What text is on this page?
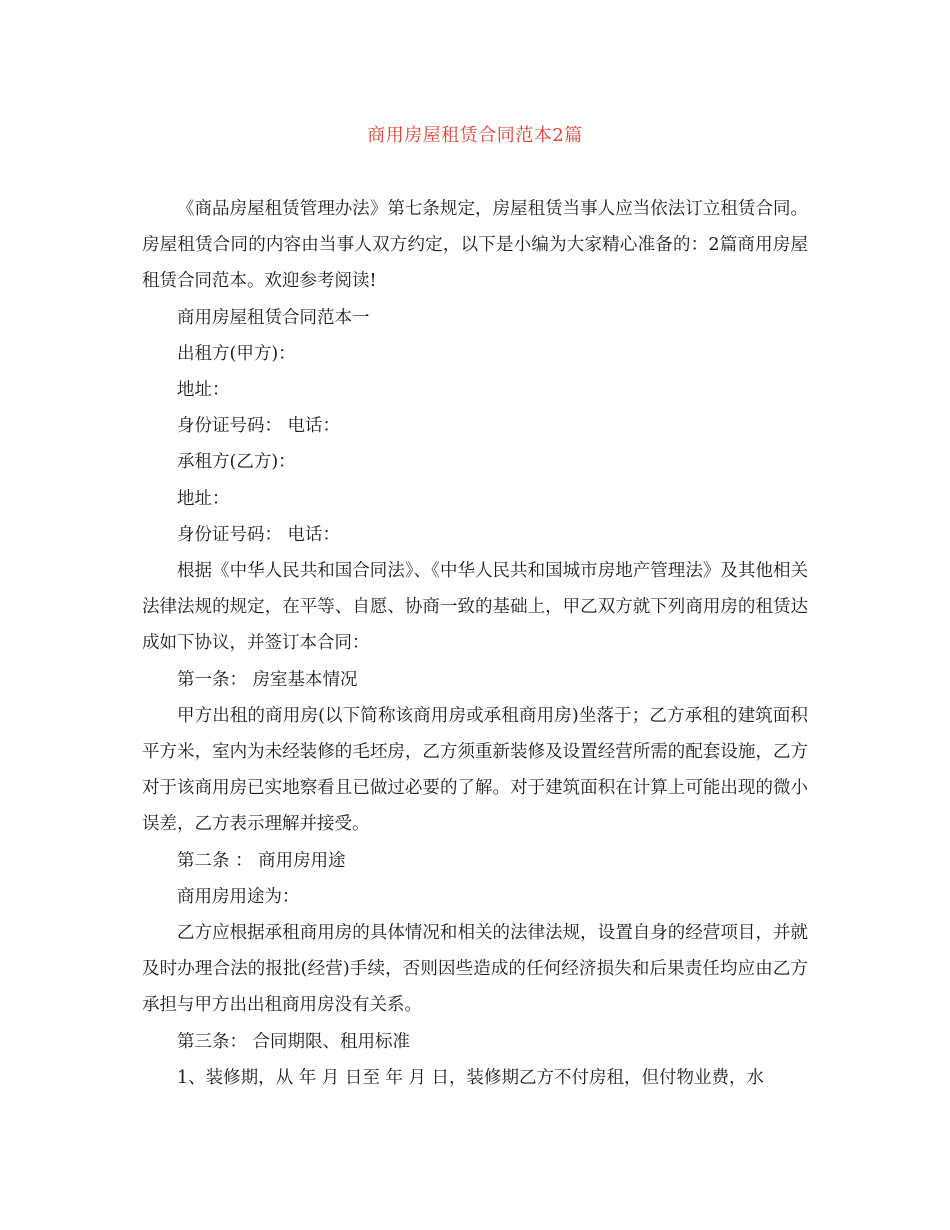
商用房屋租赁合同范本2篇

《商品房屋租赁管理办法》第七条规定，房屋租赁当事人应当依法订立租赁合同。房屋租赁合同的内容由当事人双方约定，以下是小编为大家精心准备的：2篇商用房屋租赁合同范本。欢迎参考阅读!

商用房屋租赁合同范本一

出租方(甲方)：

地址：

身份证号码： 电话：

承租方(乙方)：

地址：

身份证号码： 电话：

根据《中华人民共和国合同法》、《中华人民共和国城市房地产管理法》及其他相关法律法规的规定，在平等、自愿、协商一致的基础上，甲乙双方就下列商用房的租赁达成如下协议，并签订本合同：

第一条： 房室基本情况

甲方出租的商用房(以下简称该商用房或承租商用房)坐落于；乙方承租的建筑面积 平方米，室内为未经装修的毛坯房，乙方须重新装修及设置经营所需的配套设施，乙方对于该商用房已实地察看且已做过必要的了解。对于建筑面积在计算上可能出现的微小误差，乙方表示理解并接受。

第二条 ： 商用房用途

商用房用途为：

乙方应根据承租商用房的具体情况和相关的法律法规，设置自身的经营项目，并就及时办理合法的报批(经营)手续，否则因些造成的任何经济损失和后果责任均应由乙方承担与甲方出出租商用房没有关系。

第三条： 合同期限、租用标准

1、装修期，从 年 月 日至 年 月 日，装修期乙方不付房租，但付物业费，水
